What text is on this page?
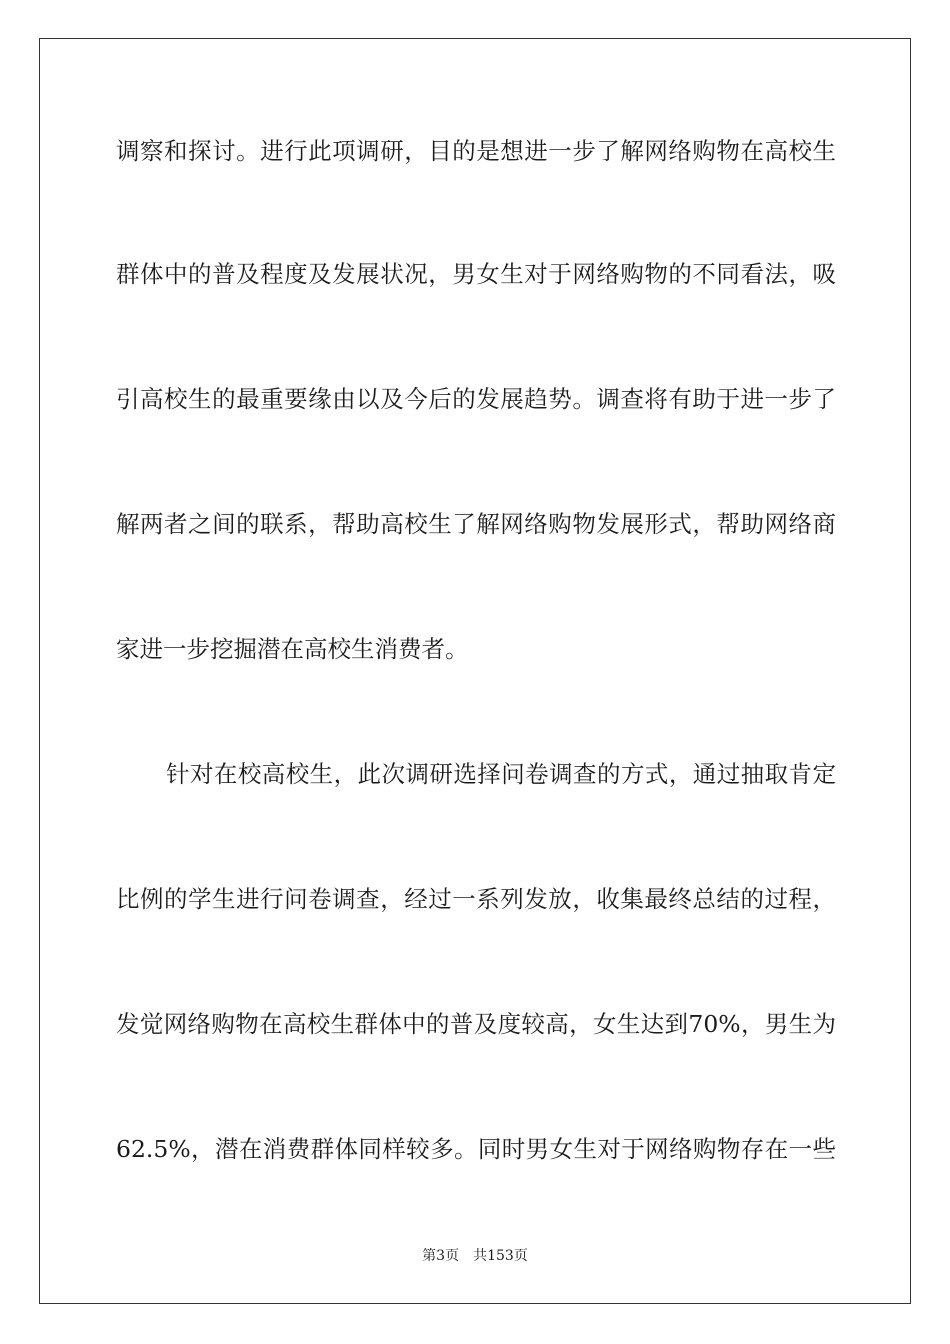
调察和探讨。进行此项调研，目的是想进一步了解网络购物在高校生
群体中的普及程度及发展状况，男女生对于网络购物的不同看法，吸
引高校生的最重要缘由以及今后的发展趋势。调查将有助于进一步了
解两者之间的联系，帮助高校生了解网络购物发展形式，帮助网络商
家进一步挖掘潜在高校生消费者。
针对在校高校生，此次调研选择问卷调查的方式，通过抽取肯定
比例的学生进行问卷调查，经过一系列发放，收集最终总结的过程，
发觉网络购物在高校生群体中的普及度较高，女生达到70%，男生为
62.5%，潜在消费群体同样较多。同时男女生对于网络购物存在一些
第3页 共153页
